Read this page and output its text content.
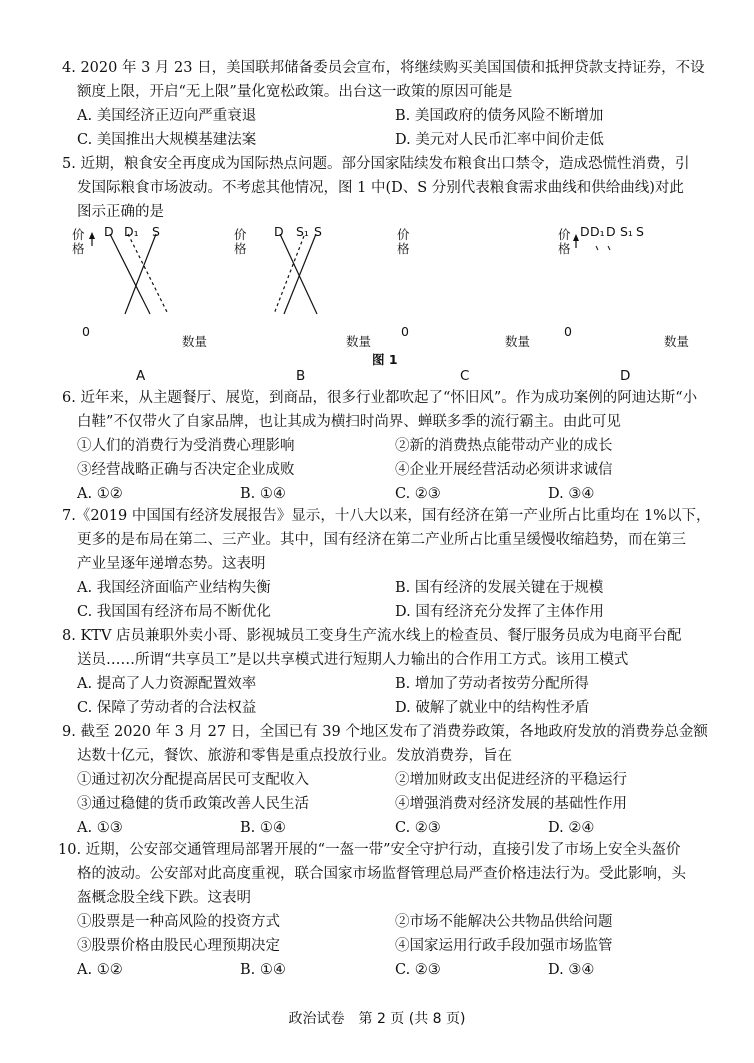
4. 2020 年 3 月 23 日，美国联邦储备委员会宣布，将继续购买美国国债和抵押贷款支持证券，不设
额度上限，开启“无上限”量化宽松政策。出台这一政策的原因可能是
A. 美国经济正迈向严重衰退	B. 美国政府的债务风险不断增加
C. 美国推出大规模基建法案	D. 美元对人民币汇率中间价走低
5. 近期，粮食安全再度成为国际热点问题。部分国家陆续发布粮食出口禁令，造成恐慌性消费，引
发国际粮食市场波动。不考虑其他情况，图 1 中(D、S 分别代表粮食需求曲线和供给曲线)对此
图示正确的是
价格
D D₁ S
0
数量
价格
D S₁ S
数量
价格
0
数量
价格
D D₁ D S₁ S
0
数量
图 1
A	B	C	D
6. 近年来，从主题餐厅、展览，到商品，很多行业都吹起了“怀旧风”。作为成功案例的阿迪达斯“小
白鞋”不仅带火了自家品牌，也让其成为横扫时尚界、蝉联多季的流行霸主。由此可见
①人们的消费行为受消费心理影响	②新的消费热点能带动产业的成长
③经营战略正确与否决定企业成败	④企业开展经营活动必须讲求诚信
A. ①②	B. ①④	C. ②③	D. ③④
7.《2019 中国国有经济发展报告》显示，十八大以来，国有经济在第一产业所占比重均在 1%以下，
更多的是布局在第二、三产业。其中，国有经济在第二产业所占比重呈缓慢收缩趋势，而在第三
产业呈逐年递增态势。这表明
A. 我国经济面临产业结构失衡	B. 国有经济的发展关键在于规模
C. 我国国有经济布局不断优化	D. 国有经济充分发挥了主体作用
8. KTV 店员兼职外卖小哥、影视城员工变身生产流水线上的检查员、餐厅服务员成为电商平台配
送员……所谓“共享员工”是以共享模式进行短期人力输出的合作用工方式。该用工模式
A. 提高了人力资源配置效率	B. 增加了劳动者按劳分配所得
C. 保障了劳动者的合法权益	D. 破解了就业中的结构性矛盾
9. 截至 2020 年 3 月 27 日，全国已有 39 个地区发布了消费券政策，各地政府发放的消费券总金额
达数十亿元，餐饮、旅游和零售是重点投放行业。发放消费券，旨在
①通过初次分配提高居民可支配收入	②增加财政支出促进经济的平稳运行
③通过稳健的货币政策改善人民生活	④增强消费对经济发展的基础性作用
A. ①③	B. ①④	C. ②③	D. ②④
10. 近期，公安部交通管理局部署开展的“一盔一带”安全守护行动，直接引发了市场上安全头盔价
格的波动。公安部对此高度重视，联合国家市场监督管理总局严查价格违法行为。受此影响，头
盔概念股全线下跌。这表明
①股票是一种高风险的投资方式	②市场不能解决公共物品供给问题
③股票价格由股民心理预期决定	④国家运用行政手段加强市场监管
A. ①②	B. ①④	C. ②③	D. ③④
政治试卷　第 2 页 (共 8 页)
